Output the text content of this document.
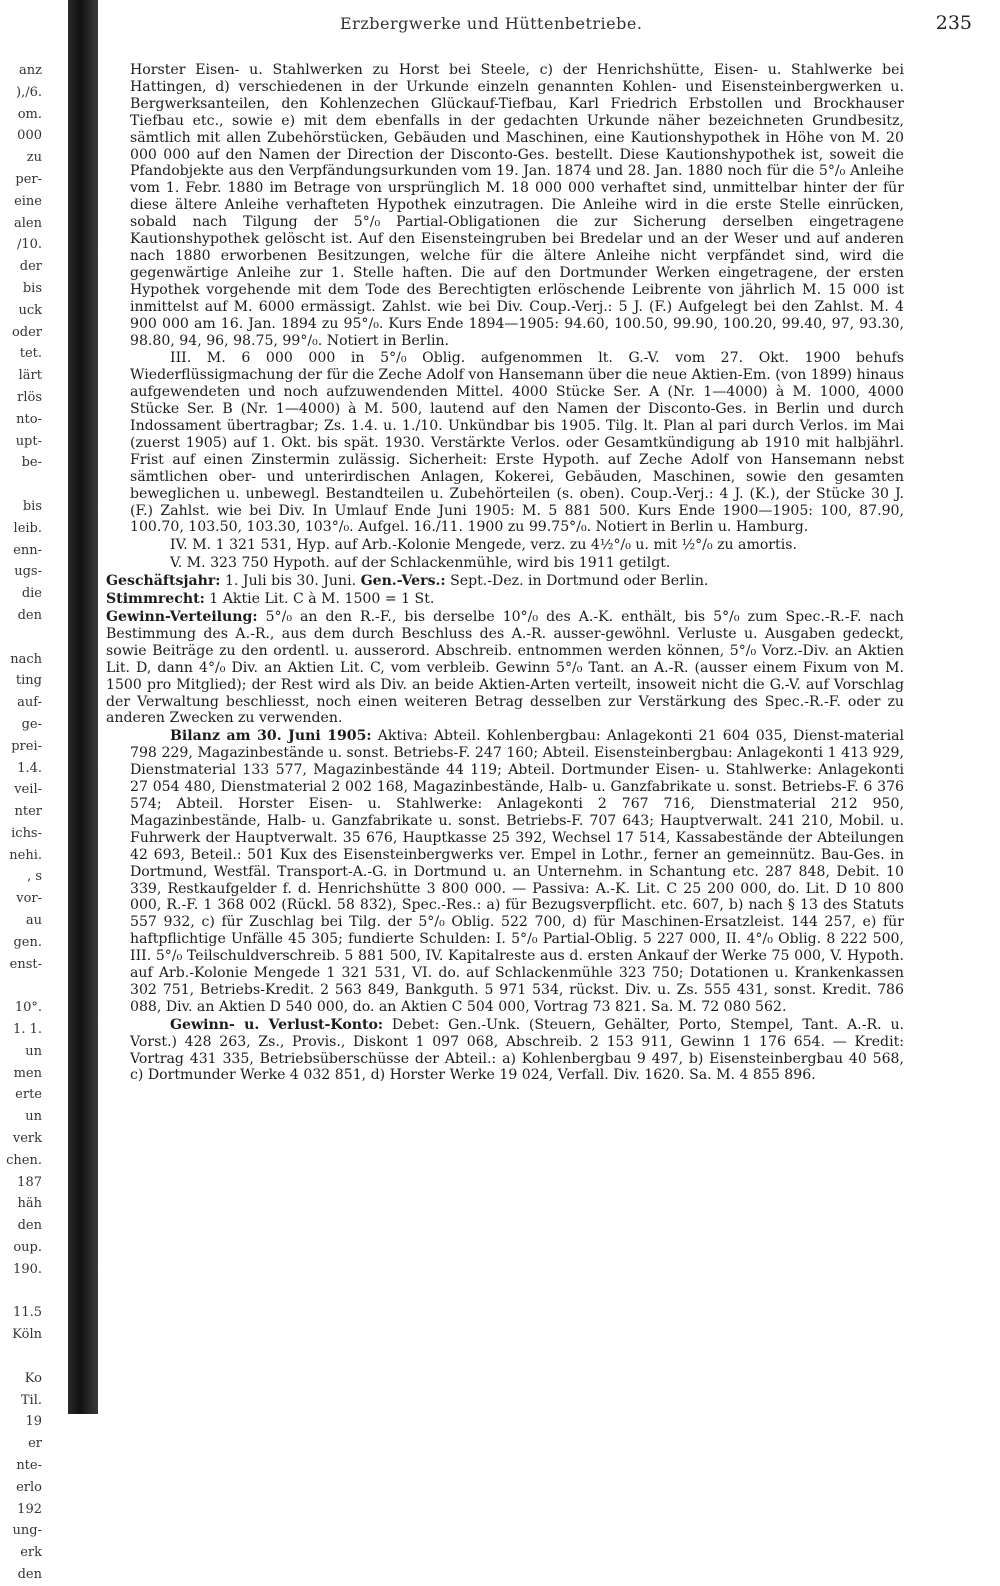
anz
),/6.
om.
000
zu
per-
eine
alen
/10.
der
bis
uck
oder
tet.
lärt
rlös
nto-
upt-
be-
bis
leib.
enn-
ugs-
die
den
nach
ting
auf-
ge-
prei-
1.4.
veil-
nter
ichs-
nehi.
, s
vor-
au
gen.
enst-
10°.
1. 1.
un
men
erte
un
verk
chen.
187
häh
den
oup.
190.
11.5
Köln
Ko
Til.
19
er
nte-
erlo
192
ung-
erk
den
Erzbergwerke und Hüttenbetriebe.	235

Horster Eisen- u. Stahlwerken zu Horst bei Steele, c) der Henrichshütte, Eisen- u. Stahlwerke bei Hattingen, d) verschiedenen in der Urkunde einzeln genannten Kohlen- und Eisensteinbergwerken u. Bergwerksanteilen, den Kohlenzechen Glückauf-Tiefbau, Karl Friedrich Erbstollen und Brockhauser Tiefbau etc., sowie e) mit dem ebenfalls in der gedachten Urkunde näher bezeichneten Grundbesitz, sämtlich mit allen Zubehörstücken, Gebäuden und Maschinen, eine Kautionshypothek in Höhe von M. 20 000 000 auf den Namen der Direction der Disconto-Ges. bestellt. Diese Kautionshypothek ist, soweit die Pfandobjekte aus den Verpfändungsurkunden vom 19. Jan. 1874 und 28. Jan. 1880 noch für die 5°/₀ Anleihe vom 1. Febr. 1880 im Betrage von ursprünglich M. 18 000 000 verhaftet sind, unmittelbar hinter der für diese ältere Anleihe verhafteten Hypothek einzutragen. Die Anleihe wird in die erste Stelle einrücken, sobald nach Tilgung der 5°/₀ Partial-Obligationen die zur Sicherung derselben eingetragene Kautionshypothek gelöscht ist. Auf den Eisensteingruben bei Bredelar und an der Weser und auf anderen nach 1880 erworbenen Besitzungen, welche für die ältere Anleihe nicht verpfändet sind, wird die gegenwärtige Anleihe zur 1. Stelle haften. Die auf den Dortmunder Werken eingetragene, der ersten Hypothek vorgehende mit dem Tode des Berechtigten erlöschende Leibrente von jährlich M. 15 000 ist inmittelst auf M. 6000 ermässigt. Zahlst. wie bei Div. Coup.-Verj.: 5 J. (F.) Aufgelegt bei den Zahlst. M. 4 900 000 am 16. Jan. 1894 zu 95°/₀. Kurs Ende 1894—1905: 94.60, 100.50, 99.90, 100.20, 99.40, 97, 93.30, 98.80, 94, 96, 98.75, 99°/₀. Notiert in Berlin.

III. M. 6 000 000 in 5°/₀ Oblig. aufgenommen lt. G.-V. vom 27. Okt. 1900 behufs Wiederflüssigmachung der für die Zeche Adolf von Hansemann über die neue Aktien-Em. (von 1899) hinaus aufgewendeten und noch aufzuwendenden Mittel. 4000 Stücke Ser. A (Nr. 1—4000) à M. 1000, 4000 Stücke Ser. B (Nr. 1—4000) à M. 500, lautend auf den Namen der Disconto-Ges. in Berlin und durch Indossament übertragbar; Zs. 1.4. u. 1./10. Unkündbar bis 1905. Tilg. lt. Plan al pari durch Verlos. im Mai (zuerst 1905) auf 1. Okt. bis spät. 1930. Verstärkte Verlos. oder Gesamtkündigung ab 1910 mit halbjährl. Frist auf einen Zinstermin zulässig. Sicherheit: Erste Hypoth. auf Zeche Adolf von Hansemann nebst sämtlichen ober- und unterirdischen Anlagen, Kokerei, Gebäuden, Maschinen, sowie den gesamten beweglichen u. unbewegl. Bestandteilen u. Zubehörteilen (s. oben). Coup.-Verj.: 4 J. (K.), der Stücke 30 J. (F.) Zahlst. wie bei Div. In Umlauf Ende Juni 1905: M. 5 881 500. Kurs Ende 1900—1905: 100, 87.90, 100.70, 103.50, 103.30, 103°/₀. Aufgel. 16./11. 1900 zu 99.75°/₀. Notiert in Berlin u. Hamburg.

IV. M. 1 321 531, Hyp. auf Arb.-Kolonie Mengede, verz. zu 4½°/₀ u. mit ½°/₀ zu amortis.

V. M. 323 750 Hypoth. auf der Schlackenmühle, wird bis 1911 getilgt.

Geschäftsjahr: 1. Juli bis 30. Juni. Gen.-Vers.: Sept.-Dez. in Dortmund oder Berlin.

Stimmrecht: 1 Aktie Lit. C à M. 1500 = 1 St.

Gewinn-Verteilung: 5°/₀ an den R.-F., bis derselbe 10°/₀ des A.-K. enthält, bis 5°/₀ zum Spec.-R.-F. nach Bestimmung des A.-R., aus dem durch Beschluss des A.-R. ausser-gewöhnl. Verluste u. Ausgaben gedeckt, sowie Beiträge zu den ordentl. u. ausserord. Abschreib. entnommen werden können, 5°/₀ Vorz.-Div. an Aktien Lit. D, dann 4°/₀ Div. an Aktien Lit. C, vom verbleib. Gewinn 5°/₀ Tant. an A.-R. (ausser einem Fixum von M. 1500 pro Mitglied); der Rest wird als Div. an beide Aktien-Arten verteilt, insoweit nicht die G.-V. auf Vorschlag der Verwaltung beschliesst, noch einen weiteren Betrag desselben zur Verstärkung des Spec.-R.-F. oder zu anderen Zwecken zu verwenden.

Bilanz am 30. Juni 1905: Aktiva: Abteil. Kohlenbergbau: Anlagekonti 21 604 035, Dienst-material 798 229, Magazinbestände u. sonst. Betriebs-F. 247 160; Abteil. Eisensteinbergbau: Anlagekonti 1 413 929, Dienstmaterial 133 577, Magazinbestände 44 119; Abteil. Dortmunder Eisen- u. Stahlwerke: Anlagekonti 27 054 480, Dienstmaterial 2 002 168, Magazinbestände, Halb- u. Ganzfabrikate u. sonst. Betriebs-F. 6 376 574; Abteil. Horster Eisen- u. Stahlwerke: Anlagekonti 2 767 716, Dienstmaterial 212 950, Magazinbestände, Halb- u. Ganzfabrikate u. sonst. Betriebs-F. 707 643; Hauptverwalt. 241 210, Mobil. u. Fuhrwerk der Hauptverwalt. 35 676, Hauptkasse 25 392, Wechsel 17 514, Kassabestände der Abteilungen 42 693, Beteil.: 501 Kux des Eisensteinbergwerks ver. Empel in Lothr., ferner an gemeinnütz. Bau-Ges. in Dortmund, Westfäl. Transport-A.-G. in Dortmund u. an Unternehm. in Schantung etc. 287 848, Debit. 10 339, Restkaufgelder f. d. Henrichshütte 3 800 000. — Passiva: A.-K. Lit. C 25 200 000, do. Lit. D 10 800 000, R.-F. 1 368 002 (Rückl. 58 832), Spec.-Res.: a) für Bezugsverpflicht. etc. 607, b) nach § 13 des Statuts 557 932, c) für Zuschlag bei Tilg. der 5°/₀ Oblig. 522 700, d) für Maschinen-Ersatzleist. 144 257, e) für haftpflichtige Unfälle 45 305; fundierte Schulden: I. 5°/₀ Partial-Oblig. 5 227 000, II. 4°/₀ Oblig. 8 222 500, III. 5°/₀ Teilschuldverschreib. 5 881 500, IV. Kapitalreste aus d. ersten Ankauf der Werke 75 000, V. Hypoth. auf Arb.-Kolonie Mengede 1 321 531, VI. do. auf Schlackenmühle 323 750; Dotationen u. Krankenkassen 302 751, Betriebs-Kredit. 2 563 849, Bankguth. 5 971 534, rückst. Div. u. Zs. 555 431, sonst. Kredit. 786 088, Div. an Aktien D 540 000, do. an Aktien C 504 000, Vortrag 73 821. Sa. M. 72 080 562.

Gewinn- u. Verlust-Konto: Debet: Gen.-Unk. (Steuern, Gehälter, Porto, Stempel, Tant. A.-R. u. Vorst.) 428 263, Zs., Provis., Diskont 1 097 068, Abschreib. 2 153 911, Gewinn 1 176 654. — Kredit: Vortrag 431 335, Betriebsüberschüsse der Abteil.: a) Kohlenbergbau 9 497, b) Eisensteinbergbau 40 568, c) Dortmunder Werke 4 032 851, d) Horster Werke 19 024, Verfall. Div. 1620. Sa. M. 4 855 896.
